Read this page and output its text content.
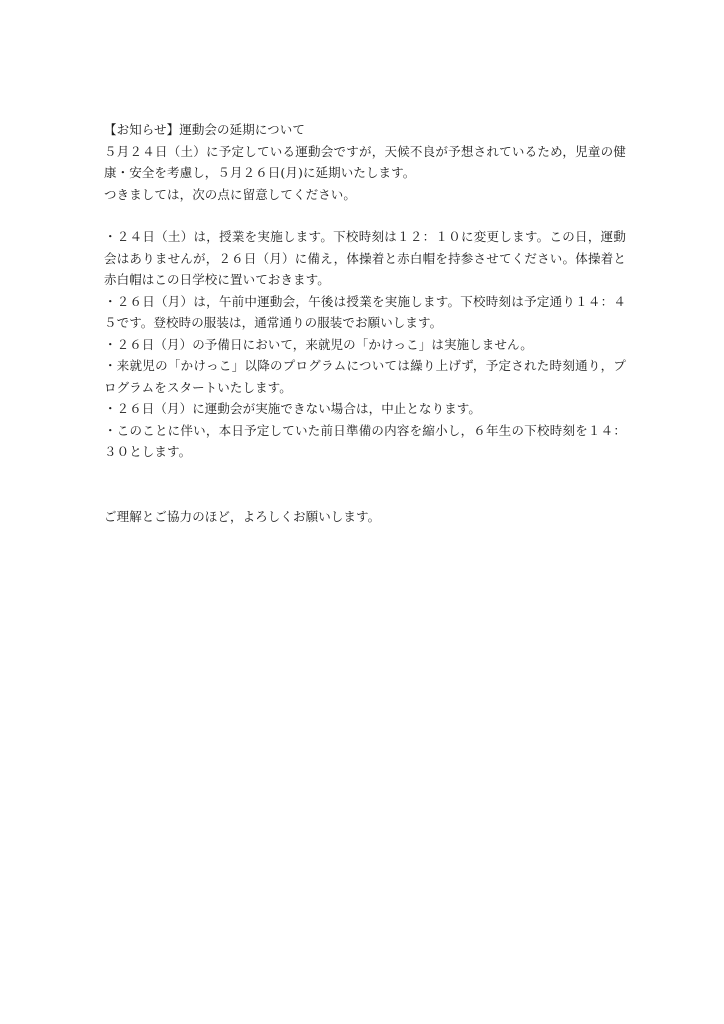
【お知らせ】運動会の延期について

５月２４日（土）に予定している運動会ですが，天候不良が予想されているため，児童の健康・安全を考慮し，５月２６日(月)に延期いたします。

つきましては，次の点に留意してください。

・２４日（土）は，授業を実施します。下校時刻は１２：１０に変更します。この日，運動会はありませんが，２６日（月）に備え，体操着と赤白帽を持参させてください。体操着と赤白帽はこの日学校に置いておきます。

・２６日（月）は，午前中運動会，午後は授業を実施します。下校時刻は予定通り１４：４５です。登校時の服装は，通常通りの服装でお願いします。

・２６日（月）の予備日において，来就児の「かけっこ」は実施しません。

・来就児の「かけっこ」以降のプログラムについては繰り上げず，予定された時刻通り，プログラムをスタートいたします。

・２６日（月）に運動会が実施できない場合は，中止となります。

・このことに伴い，本日予定していた前日準備の内容を縮小し，６年生の下校時刻を１４：３０とします。

ご理解とご協力のほど，よろしくお願いします。
